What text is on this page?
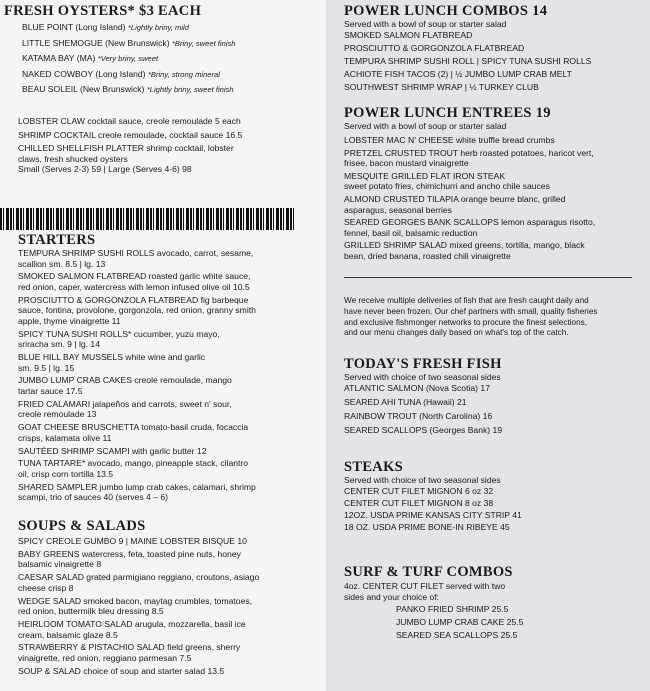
FRESH OYSTERS* $3 EACH
BLUE POINT (Long Island) *Lightly briny, mild
LITTLE SHEMOGUE (New Brunswick) *Briny, sweet finish
KATAMA BAY (MA) *Very briny, sweet
NAKED COWBOY (Long Island) *Briny, strong mineral
BEAU SOLEIL (New Brunswick) *Lightly briny, sweet finish
LOBSTER CLAW cocktail sauce, creole remoulade 5 each
SHRIMP COCKTAIL creole remoulade, cocktail sauce 16.5
CHILLED SHELLFISH PLATTER shrimp cocktail, lobster
claws, fresh shucked oysters
Small (Serves 2-3) 59 | Large (Serves 4-6) 98
STARTERS
TEMPURA SHRIMP SUSHI ROLLS avocado, carrot, sesame,
scallion sm. 8.5 | lg. 13
SMOKED SALMON FLATBREAD roasted garlic white sauce,
red onion, caper, watercress with lemon infused olive oil 10.5
PROSCIUTTO & GORGONZOLA FLATBREAD fig barbeque
sauce, fontina, provolone, gorgonzola, red onion, granny smith
apple, thyme vinaigrette 11
SPICY TUNA SUSHI ROLLS* cucumber, yuzu mayo,
sriracha sm. 9 | lg. 14
BLUE HILL BAY MUSSELS white wine and garlic
sm. 9.5 | lg. 15
JUMBO LUMP CRAB CAKES creole remoulade, mango
tartar sauce 17.5
FRIED CALAMARI jalapeños and carrots, sweet n' sour,
creole remoulade 13
GOAT CHEESE BRUSCHETTA tomato-basil cruda, focaccia
crisps, kalamata olive 11
SAUTÉED SHRIMP SCAMPI with garlic butter 12
TUNA TARTARE* avocado, mango, pineapple stack, cilantro
oil, crisp corn tortilla 13.5
SHARED SAMPLER jumbo lump crab cakes, calamari, shrimp
scampi, trio of sauces 40 (serves 4 – 6)
SOUPS & SALADS
SPICY CREOLE GUMBO 9 | MAINE LOBSTER BISQUE 10
BABY GREENS watercress, feta, toasted pine nuts, honey
balsamic vinaigrette 8
CAESAR SALAD grated parmigiano reggiano, croutons, asiago
cheese crisp 8
WEDGE SALAD smoked bacon, maytag crumbles, tomatoes,
red onion, buttermilk bleu dressing 8.5
HEIRLOOM TOMATO SALAD arugula, mozzarella, basil ice
cream, balsamic glaze 8.5
STRAWBERRY & PISTACHIO SALAD field greens, sherry
vinaigrette, red onion, reggiano parmesan 7.5
SOUP & SALAD choice of soup and starter salad 13.5
POWER LUNCH COMBOS 14
Served with a bowl of soup or starter salad
SMOKED SALMON FLATBREAD
PROSCIUTTO & GORGONZOLA FLATBREAD
TEMPURA SHRIMP SUSHI ROLL | SPICY TUNA SUSHI ROLLS
ACHIOTE FISH TACOS (2) | ½ JUMBO LUMP CRAB MELT
SOUTHWEST SHRIMP WRAP | ½ TURKEY CLUB
POWER LUNCH ENTREES 19
Served with a bowl of soup or starter salad
LOBSTER MAC N' CHEESE white truffle bread crumbs
PRETZEL CRUSTED TROUT herb roasted potatoes, haricot vert,
frisee, bacon mustard vinaigrette
MESQUITE GRILLED FLAT IRON STEAK
sweet potato fries, chimichurri and ancho chile sauces
ALMOND CRUSTED TILAPIA orange beurre blanc, grilled
asparagus, seasonal berries
SEARED GEORGES BANK SCALLOPS lemon asparagus risotto,
fennel, basil oil, balsamic reduction
GRILLED SHRIMP SALAD mixed greens, tortilla, mango, black
bean, dried banana, roasted chili vinaigrette
We receive multiple deliveries of fish that are fresh caught daily and
have never been frozen. Our chef partners with small, quality fisheries
and exclusive fishmonger networks to procure the finest selections,
and our menu changes daily based on what's top of the catch.
TODAY'S FRESH FISH
Served with choice of two seasonal sides
ATLANTIC SALMON (Nova Scotia) 17
SEARED AHI TUNA (Hawaii) 21
RAINBOW TROUT (North Carolina) 16
SEARED SCALLOPS (Georges Bank) 19
STEAKS
Served with choice of two seasonal sides
CENTER CUT FILET MIGNON 6 oz 32
CENTER CUT FILET MIGNON 8 oz 38
12OZ. USDA PRIME KANSAS CITY STRIP 41
18 OZ. USDA PRIME BONE-IN RIBEYE 45
SURF & TURF COMBOS
4oz. CENTER CUT FILET served with two
sides and your choice of:
PANKO FRIED SHRIMP 25.5
JUMBO LUMP CRAB CAKE 25.5
SEARED SEA SCALLOPS 25.5
